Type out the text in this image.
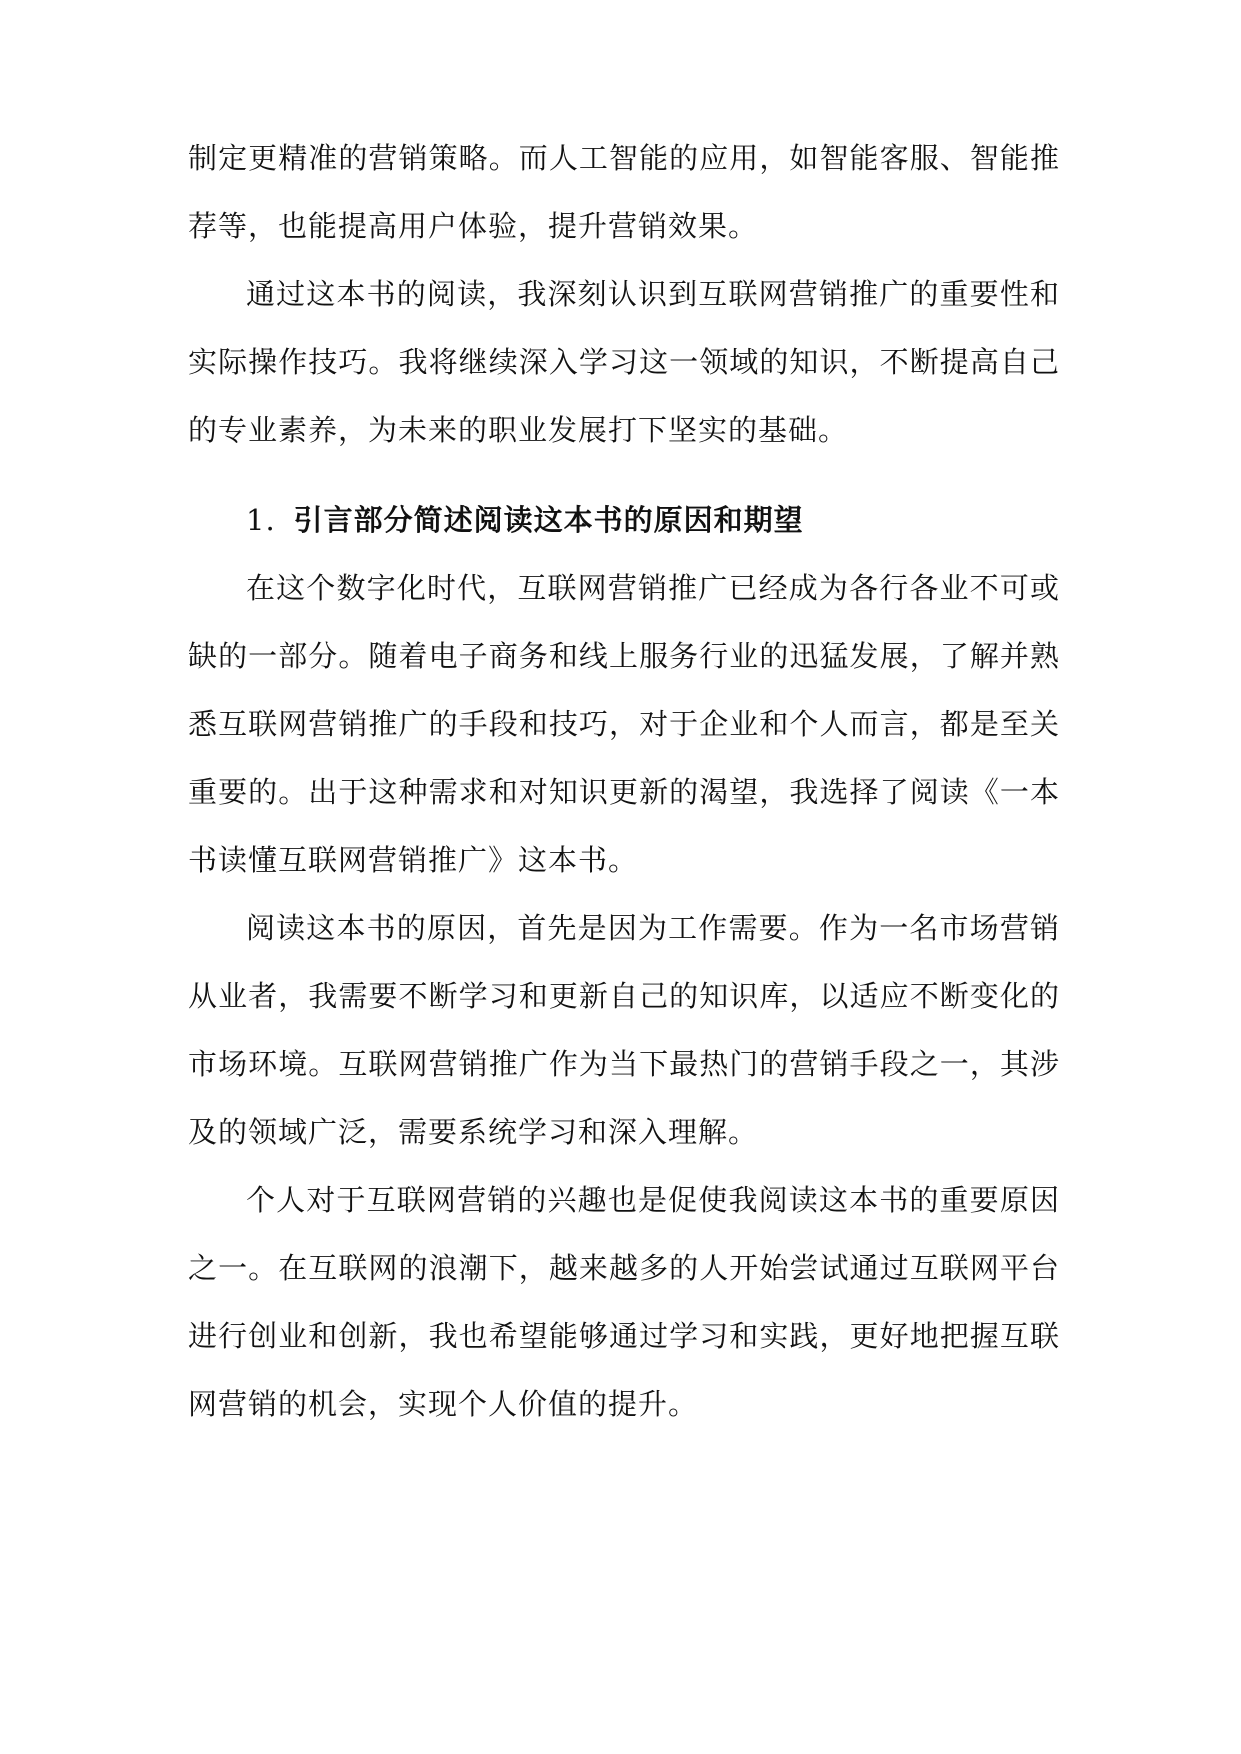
制定更精准的营销策略。而人工智能的应用，如智能客服、智能推荐等，也能提高用户体验，提升营销效果。

通过这本书的阅读，我深刻认识到互联网营销推广的重要性和实际操作技巧。我将继续深入学习这一领域的知识，不断提高自己的专业素养，为未来的职业发展打下坚实的基础。

1. 引言部分简述阅读这本书的原因和期望

在这个数字化时代，互联网营销推广已经成为各行各业不可或缺的一部分。随着电子商务和线上服务行业的迅猛发展，了解并熟悉互联网营销推广的手段和技巧，对于企业和个人而言，都是至关重要的。出于这种需求和对知识更新的渴望，我选择了阅读《一本书读懂互联网营销推广》这本书。

阅读这本书的原因，首先是因为工作需要。作为一名市场营销从业者，我需要不断学习和更新自己的知识库，以适应不断变化的市场环境。互联网营销推广作为当下最热门的营销手段之一，其涉及的领域广泛，需要系统学习和深入理解。

个人对于互联网营销的兴趣也是促使我阅读这本书的重要原因之一。在互联网的浪潮下，越来越多的人开始尝试通过互联网平台进行创业和创新，我也希望能够通过学习和实践，更好地把握互联网营销的机会，实现个人价值的提升。
